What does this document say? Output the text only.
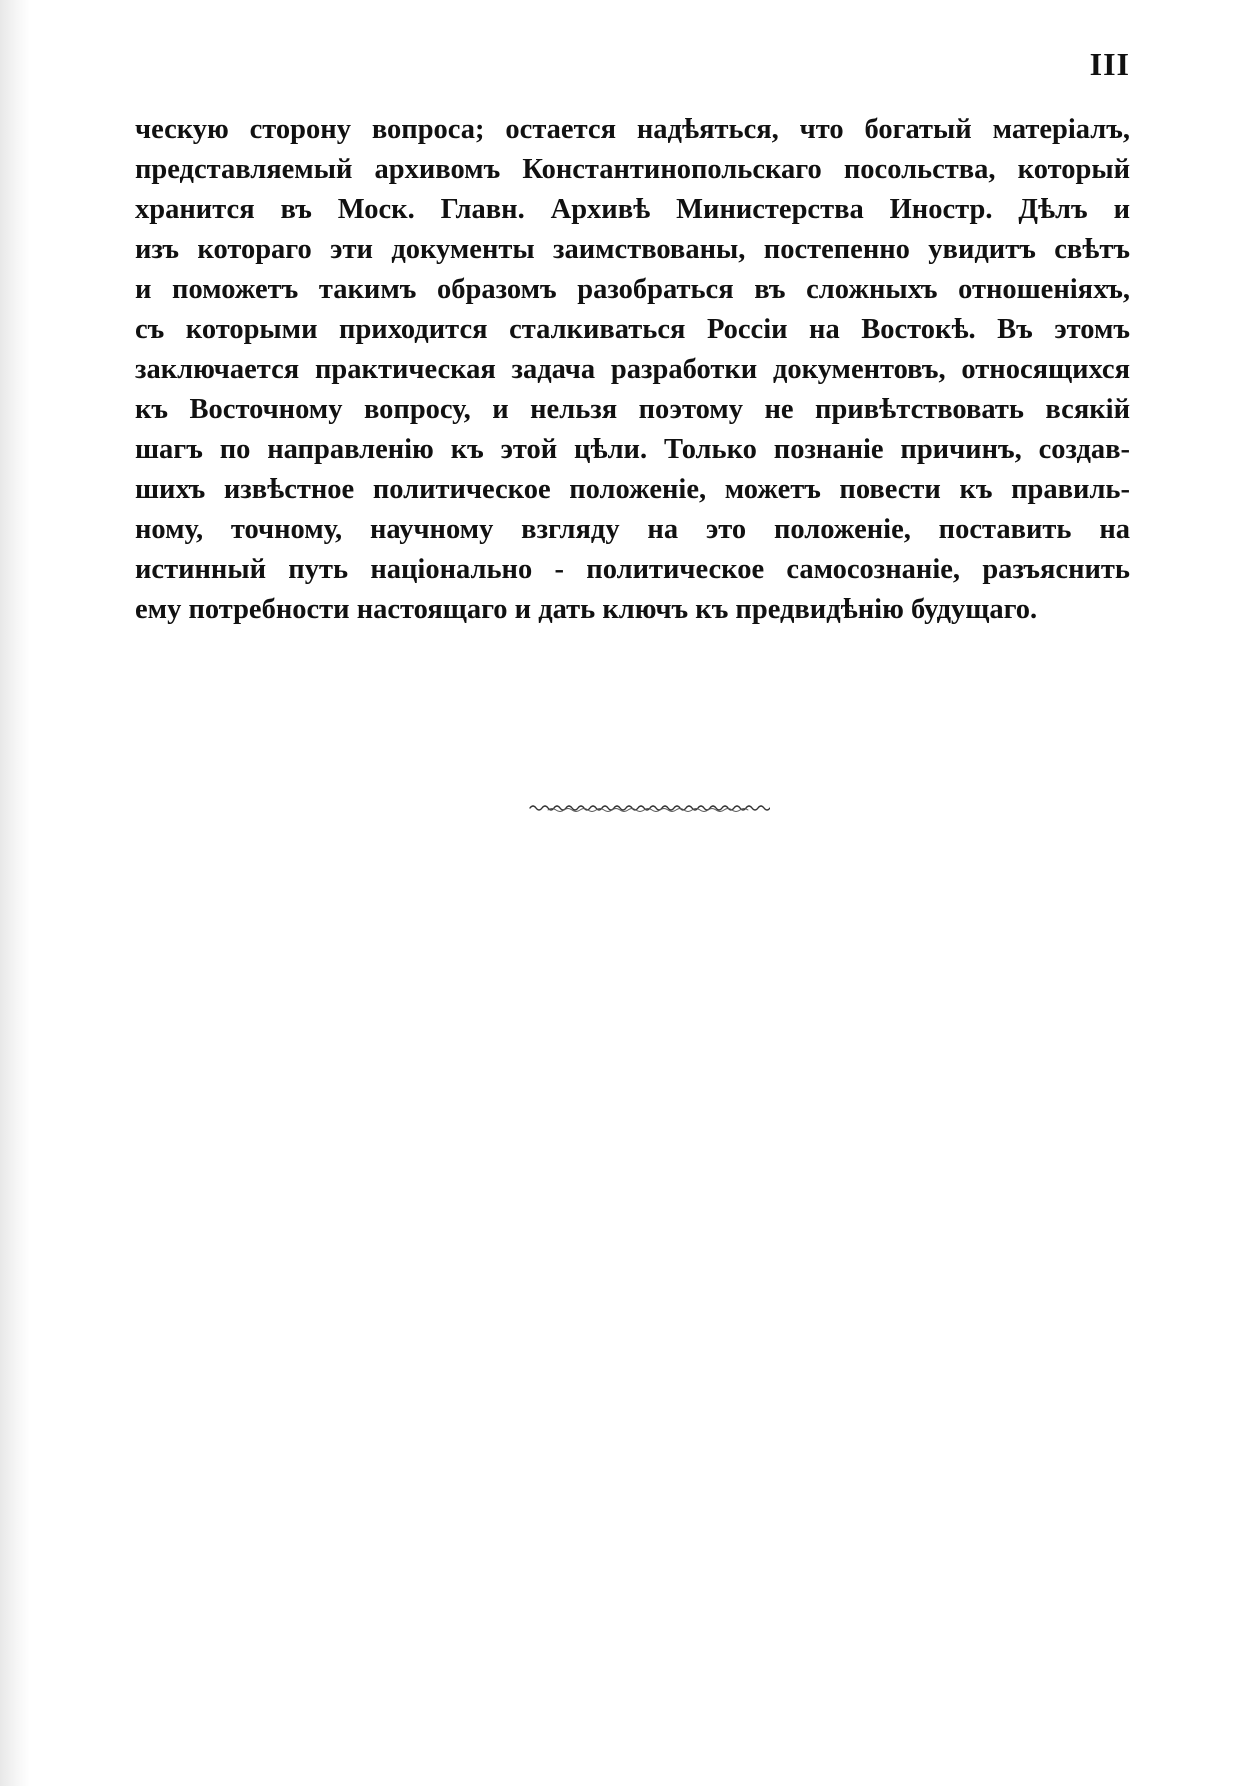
III
ческую сторону вопроса; остается надѣяться, что богатый матеріалъ,
представляемый архивомъ Константинопольскаго посольства, который
хранится въ Моск. Главн. Архивѣ Министерства Иностр. Дѣлъ и
изъ котораго эти документы заимствованы, постепенно увидитъ свѣтъ
и поможетъ такимъ образомъ разобраться въ сложныхъ отношеніяхъ,
съ которыми приходится сталкиваться Россіи на Востокѣ. Въ этомъ
заключается практическая задача разработки документовъ, относящихся
къ Восточному вопросу, и нельзя поэтому не привѣтствовать всякій
шагъ по направленію къ этой цѣли. Только познаніе причинъ, создав-
шихъ извѣстное политическое положеніе, можетъ повести къ правиль-
ному, точному, научному взгляду на это положеніе, поставить на
истинный путь національно - политическое самосознаніе, разъяснить
ему потребности настоящаго и дать ключъ къ предвидѣнію будущаго.
